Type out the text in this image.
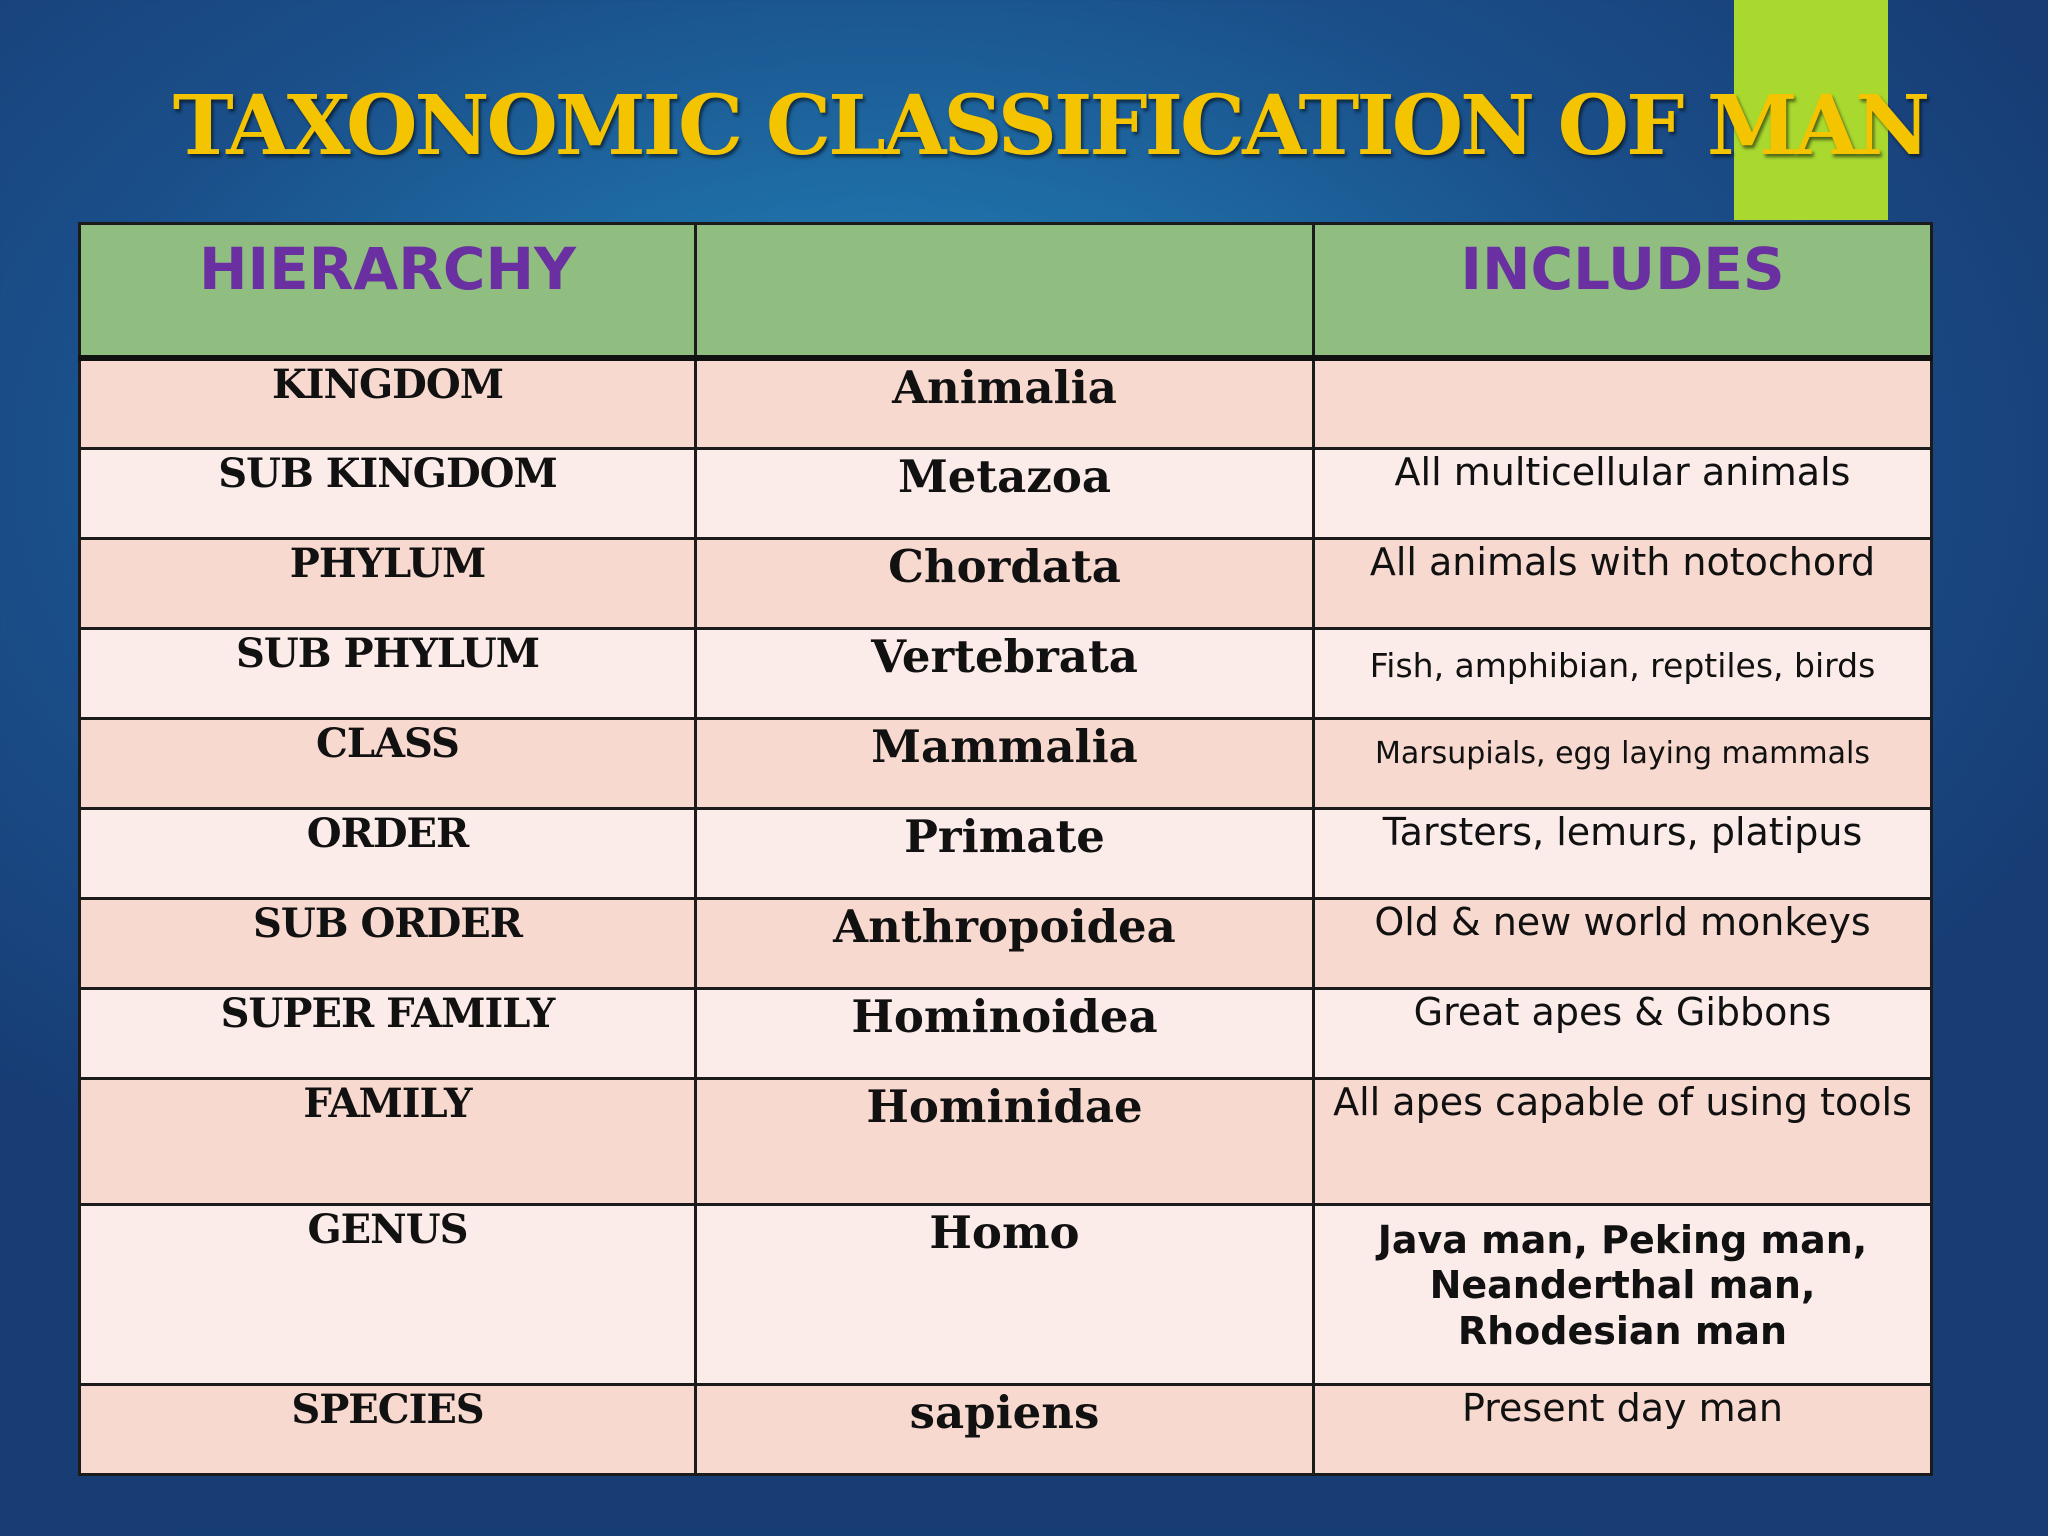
TAXONOMIC CLASSIFICATION OF MAN
HIERARCHY		INCLUDES
KINGDOM	Animalia	
SUB KINGDOM	Metazoa	All multicellular animals
PHYLUM	Chordata	All animals with notochord
SUB PHYLUM	Vertebrata	Fish, amphibian, reptiles, birds
CLASS	Mammalia	Marsupials, egg laying mammals
ORDER	Primate	Tarsters, lemurs, platipus
SUB ORDER	Anthropoidea	Old & new world monkeys
SUPER FAMILY	Hominoidea	Great apes & Gibbons
FAMILY	Hominidae	All apes capable of using tools
GENUS	Homo	Java man, Peking man, Neanderthal man, Rhodesian man
SPECIES	sapiens	Present day man
